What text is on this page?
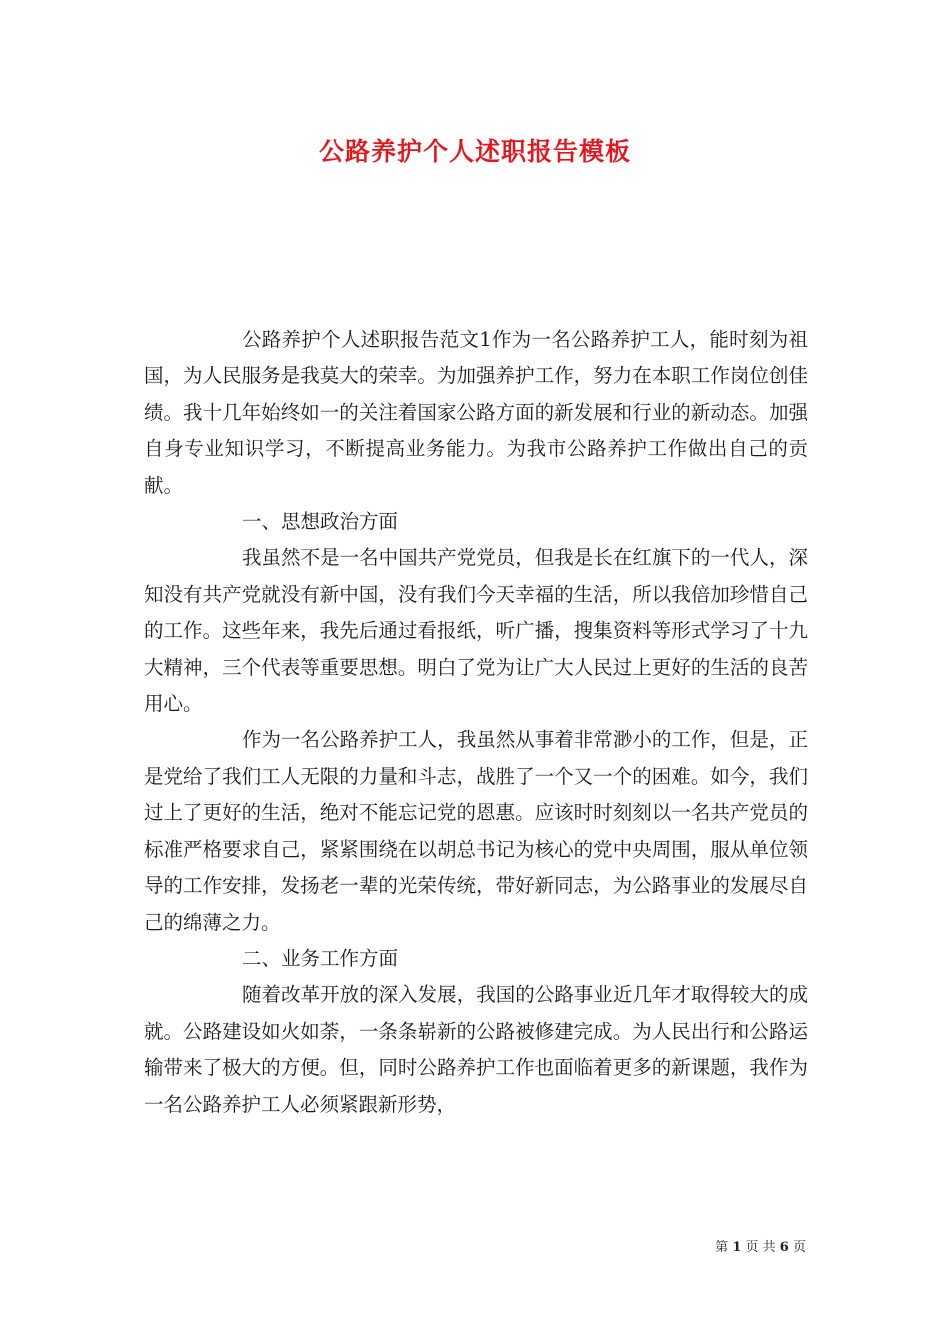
公路养护个人述职报告模板

公路养护个人述职报告范文1作为一名公路养护工人，能时刻为祖国，为人民服务是我莫大的荣幸。为加强养护工作，努力在本职工作岗位创佳绩。我十几年始终如一的关注着国家公路方面的新发展和行业的新动态。加强自身专业知识学习，不断提高业务能力。为我市公路养护工作做出自己的贡献。

一、思想政治方面

我虽然不是一名中国共产党党员，但我是长在红旗下的一代人，深知没有共产党就没有新中国，没有我们今天幸福的生活，所以我倍加珍惜自己的工作。这些年来，我先后通过看报纸，听广播，搜集资料等形式学习了十九大精神，三个代表等重要思想。明白了党为让广大人民过上更好的生活的良苦用心。

作为一名公路养护工人，我虽然从事着非常渺小的工作，但是，正是党给了我们工人无限的力量和斗志，战胜了一个又一个的困难。如今，我们过上了更好的生活，绝对不能忘记党的恩惠。应该时时刻刻以一名共产党员的标准严格要求自己，紧紧围绕在以胡总书记为核心的党中央周围，服从单位领导的工作安排，发扬老一辈的光荣传统，带好新同志，为公路事业的发展尽自己的绵薄之力。

二、业务工作方面

随着改革开放的深入发展，我国的公路事业近几年才取得较大的成就。公路建设如火如荼，一条条崭新的公路被修建完成。为人民出行和公路运输带来了极大的方便。但，同时公路养护工作也面临着更多的新课题，我作为一名公路养护工人必须紧跟新形势，

第 1 页 共 6 页
